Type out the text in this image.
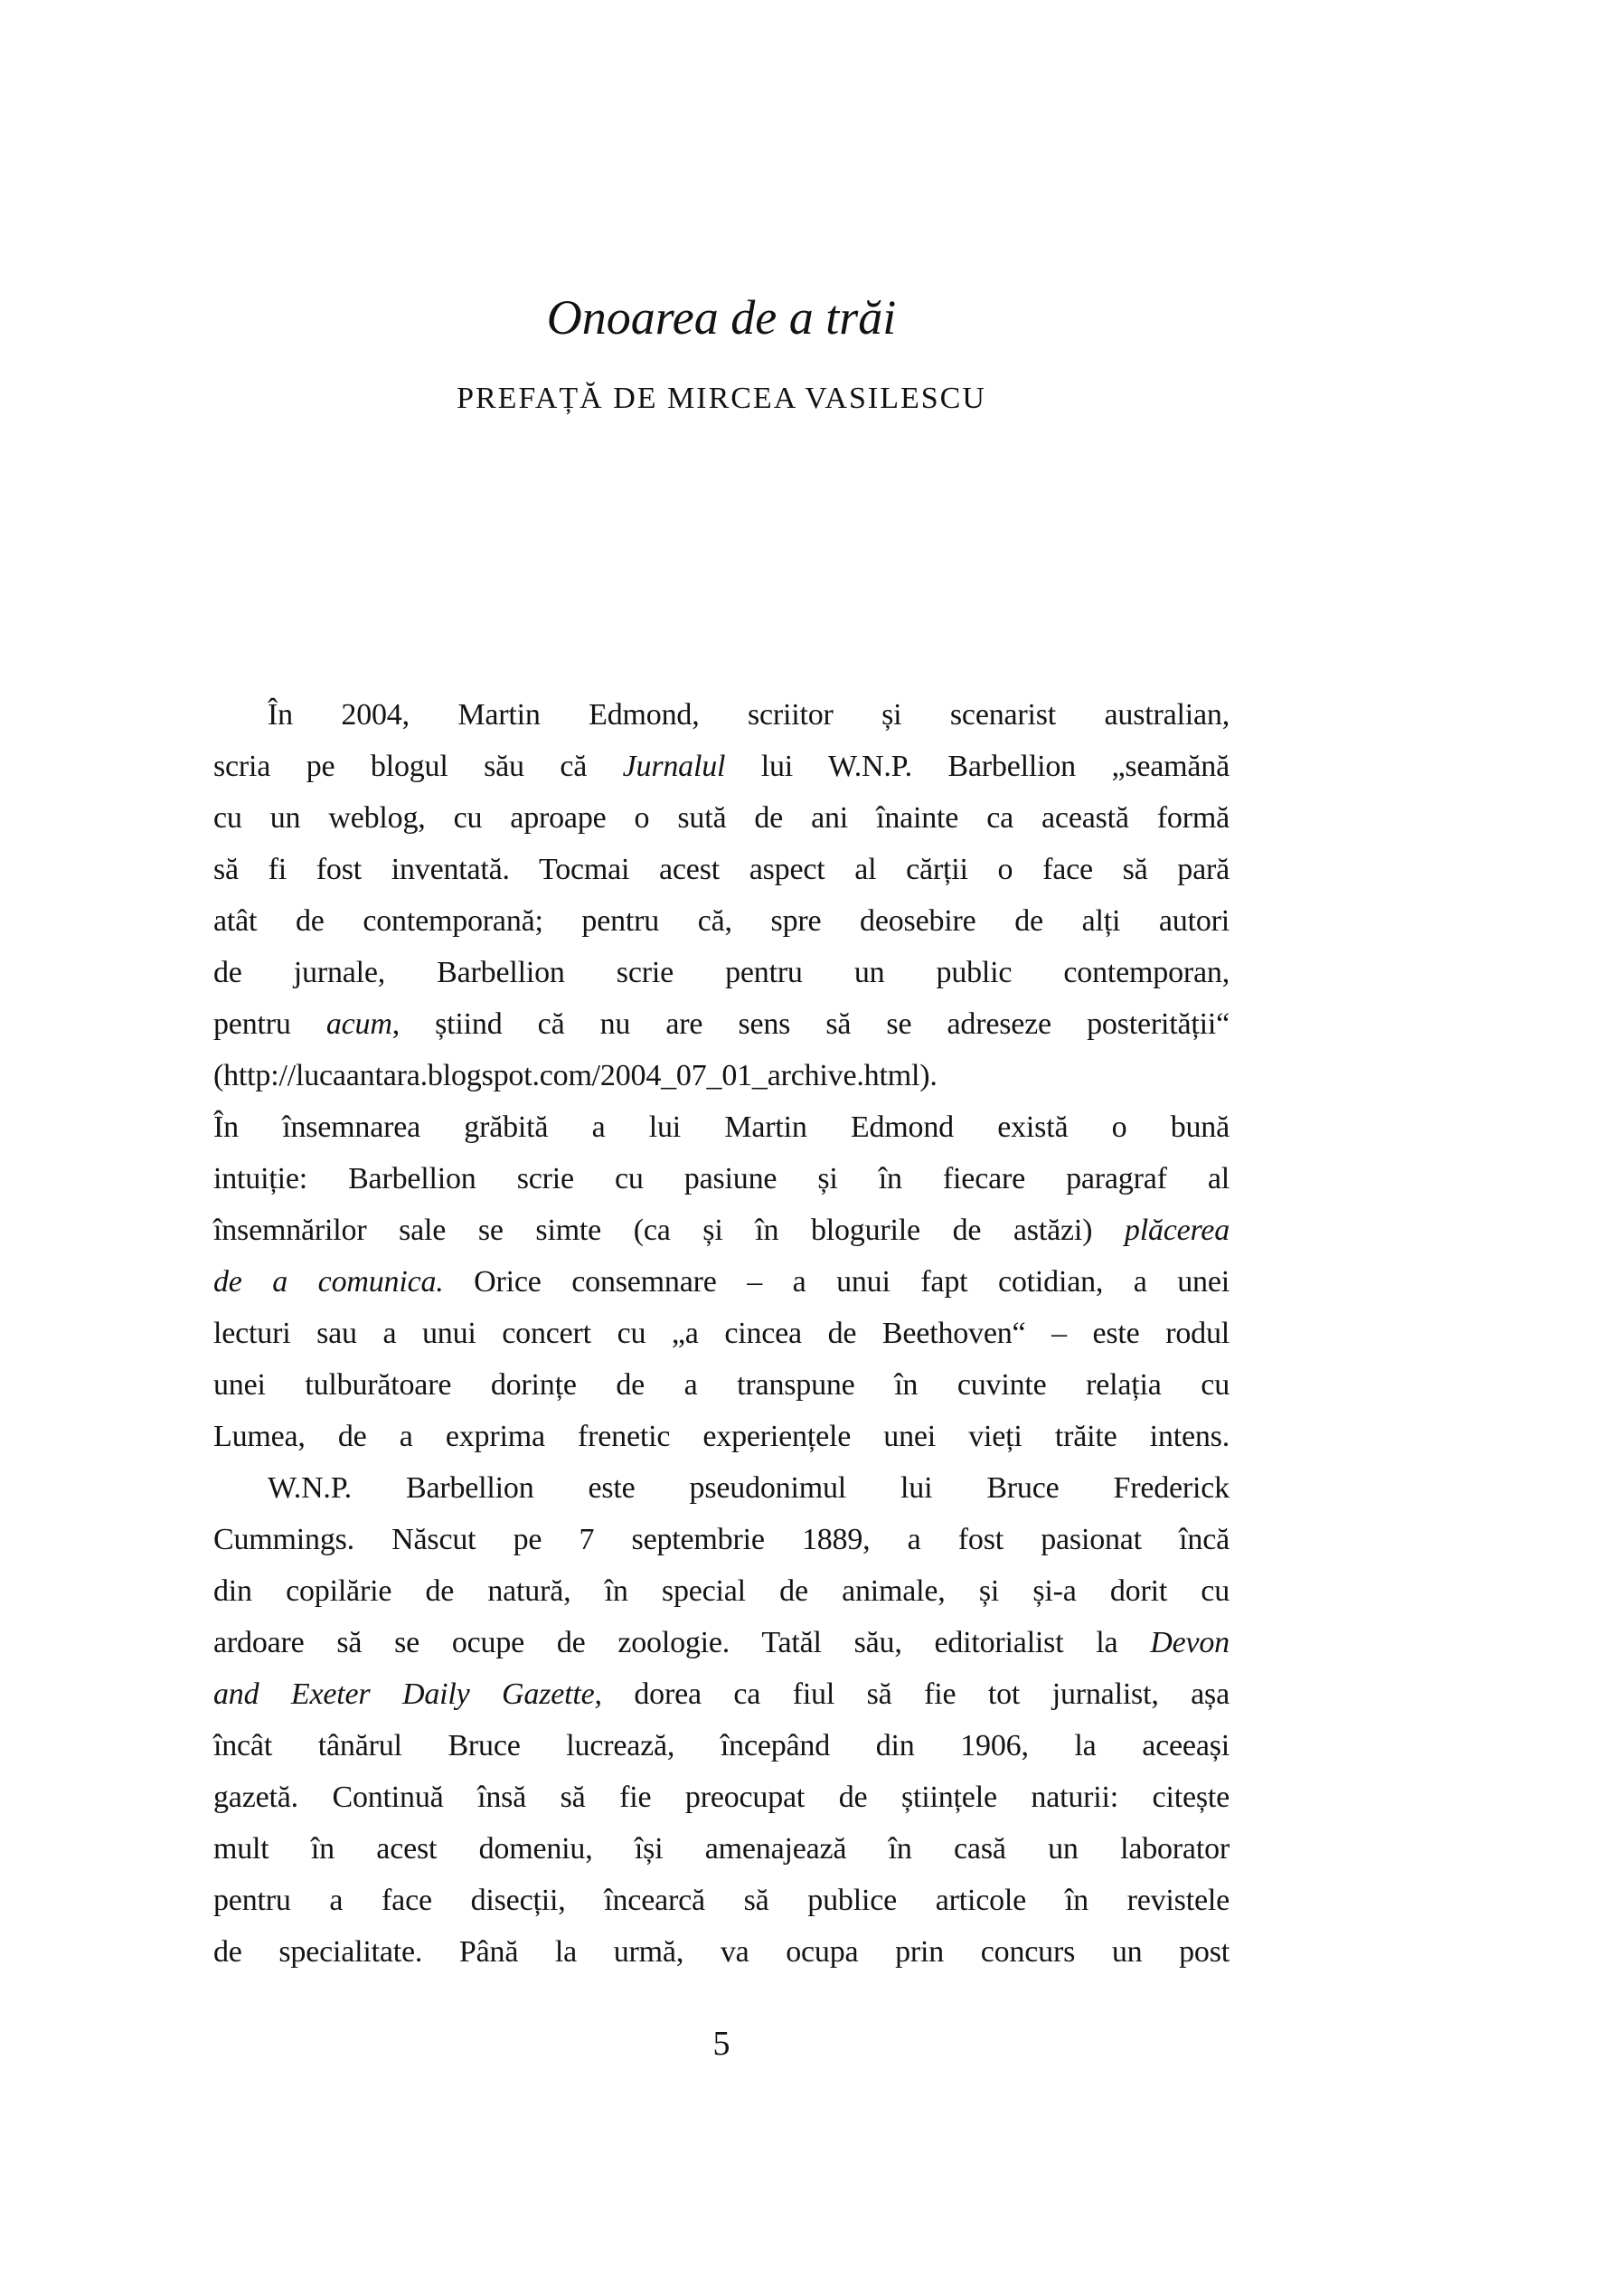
Onoarea de a trăi
PREFAȚĂ DE MIRCEA VASILESCU
În 2004, Martin Edmond, scriitor și scenarist australian,
scria pe blogul său că Jurnalul lui W.N.P. Barbellion „seamănă
cu un weblog, cu aproape o sută de ani înainte ca această formă
să fi fost inventată. Tocmai acest aspect al cărții o face să pară
atât de contemporană; pentru că, spre deosebire de alți autori
de jurnale, Barbellion scrie pentru un public contemporan,
pentru acum, știind că nu are sens să se adreseze posterității“
(http://lucaantara.blogspot.com/2004_07_01_archive.html).
În însemnarea grăbită a lui Martin Edmond există o bună
intuiție: Barbellion scrie cu pasiune și în fiecare paragraf al
însemnărilor sale se simte (ca și în blogurile de astăzi) plăcerea
de a comunica. Orice consemnare – a unui fapt cotidian, a unei
lecturi sau a unui concert cu „a cincea de Beethoven“ – este rodul
unei tulburătoare dorințe de a transpune în cuvinte relația cu
Lumea, de a exprima frenetic experiențele unei vieți trăite intens.
W.N.P. Barbellion este pseudonimul lui Bruce Frederick
Cummings. Născut pe 7 septembrie 1889, a fost pasionat încă
din copilărie de natură, în special de animale, și și-a dorit cu
ardoare să se ocupe de zoologie. Tatăl său, editorialist la Devon
and Exeter Daily Gazette, dorea ca fiul să fie tot jurnalist, așa
încât tânărul Bruce lucrează, începând din 1906, la aceeași
gazetă. Continuă însă să fie preocupat de științele naturii: citește
mult în acest domeniu, își amenajează în casă un laborator
pentru a face disecții, încearcă să publice articole în revistele
de specialitate. Până la urmă, va ocupa prin concurs un post
5
